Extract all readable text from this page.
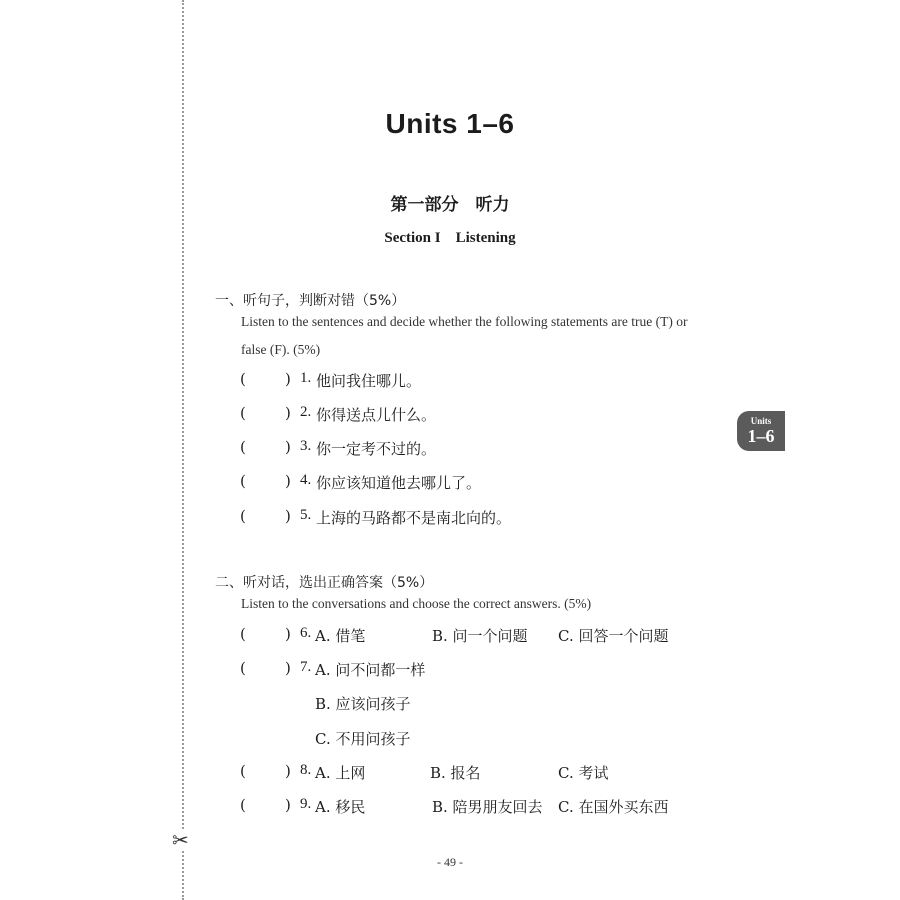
✂
Units 1–6
第一部分　听力
Section I　Listening
Units
1–6
一、听句子，判断对错（5%）
Listen to the sentences and decide whether the following statements are true (T) or
false (F). (5%)
(	) 1. 他问我住哪儿。
(	) 2. 你得送点儿什么。
(	) 3. 你一定考不过的。
(	) 4. 你应该知道他去哪儿了。
(	) 5. 上海的马路都不是南北向的。
二、听对话，选出正确答案（5%）
Listen to the conversations and choose the correct answers. (5%)
(	) 6. A. 借笔	B. 问一个问题 C. 回答一个问题
(	) 7. A. 问不问都一样
B. 应该问孩子
C. 不用问孩子
(	) 8. A. 上网	B. 报名	C. 考试
(	) 9. A. 移民	B. 陪男朋友回去 C. 在国外买东西
- 49 -
